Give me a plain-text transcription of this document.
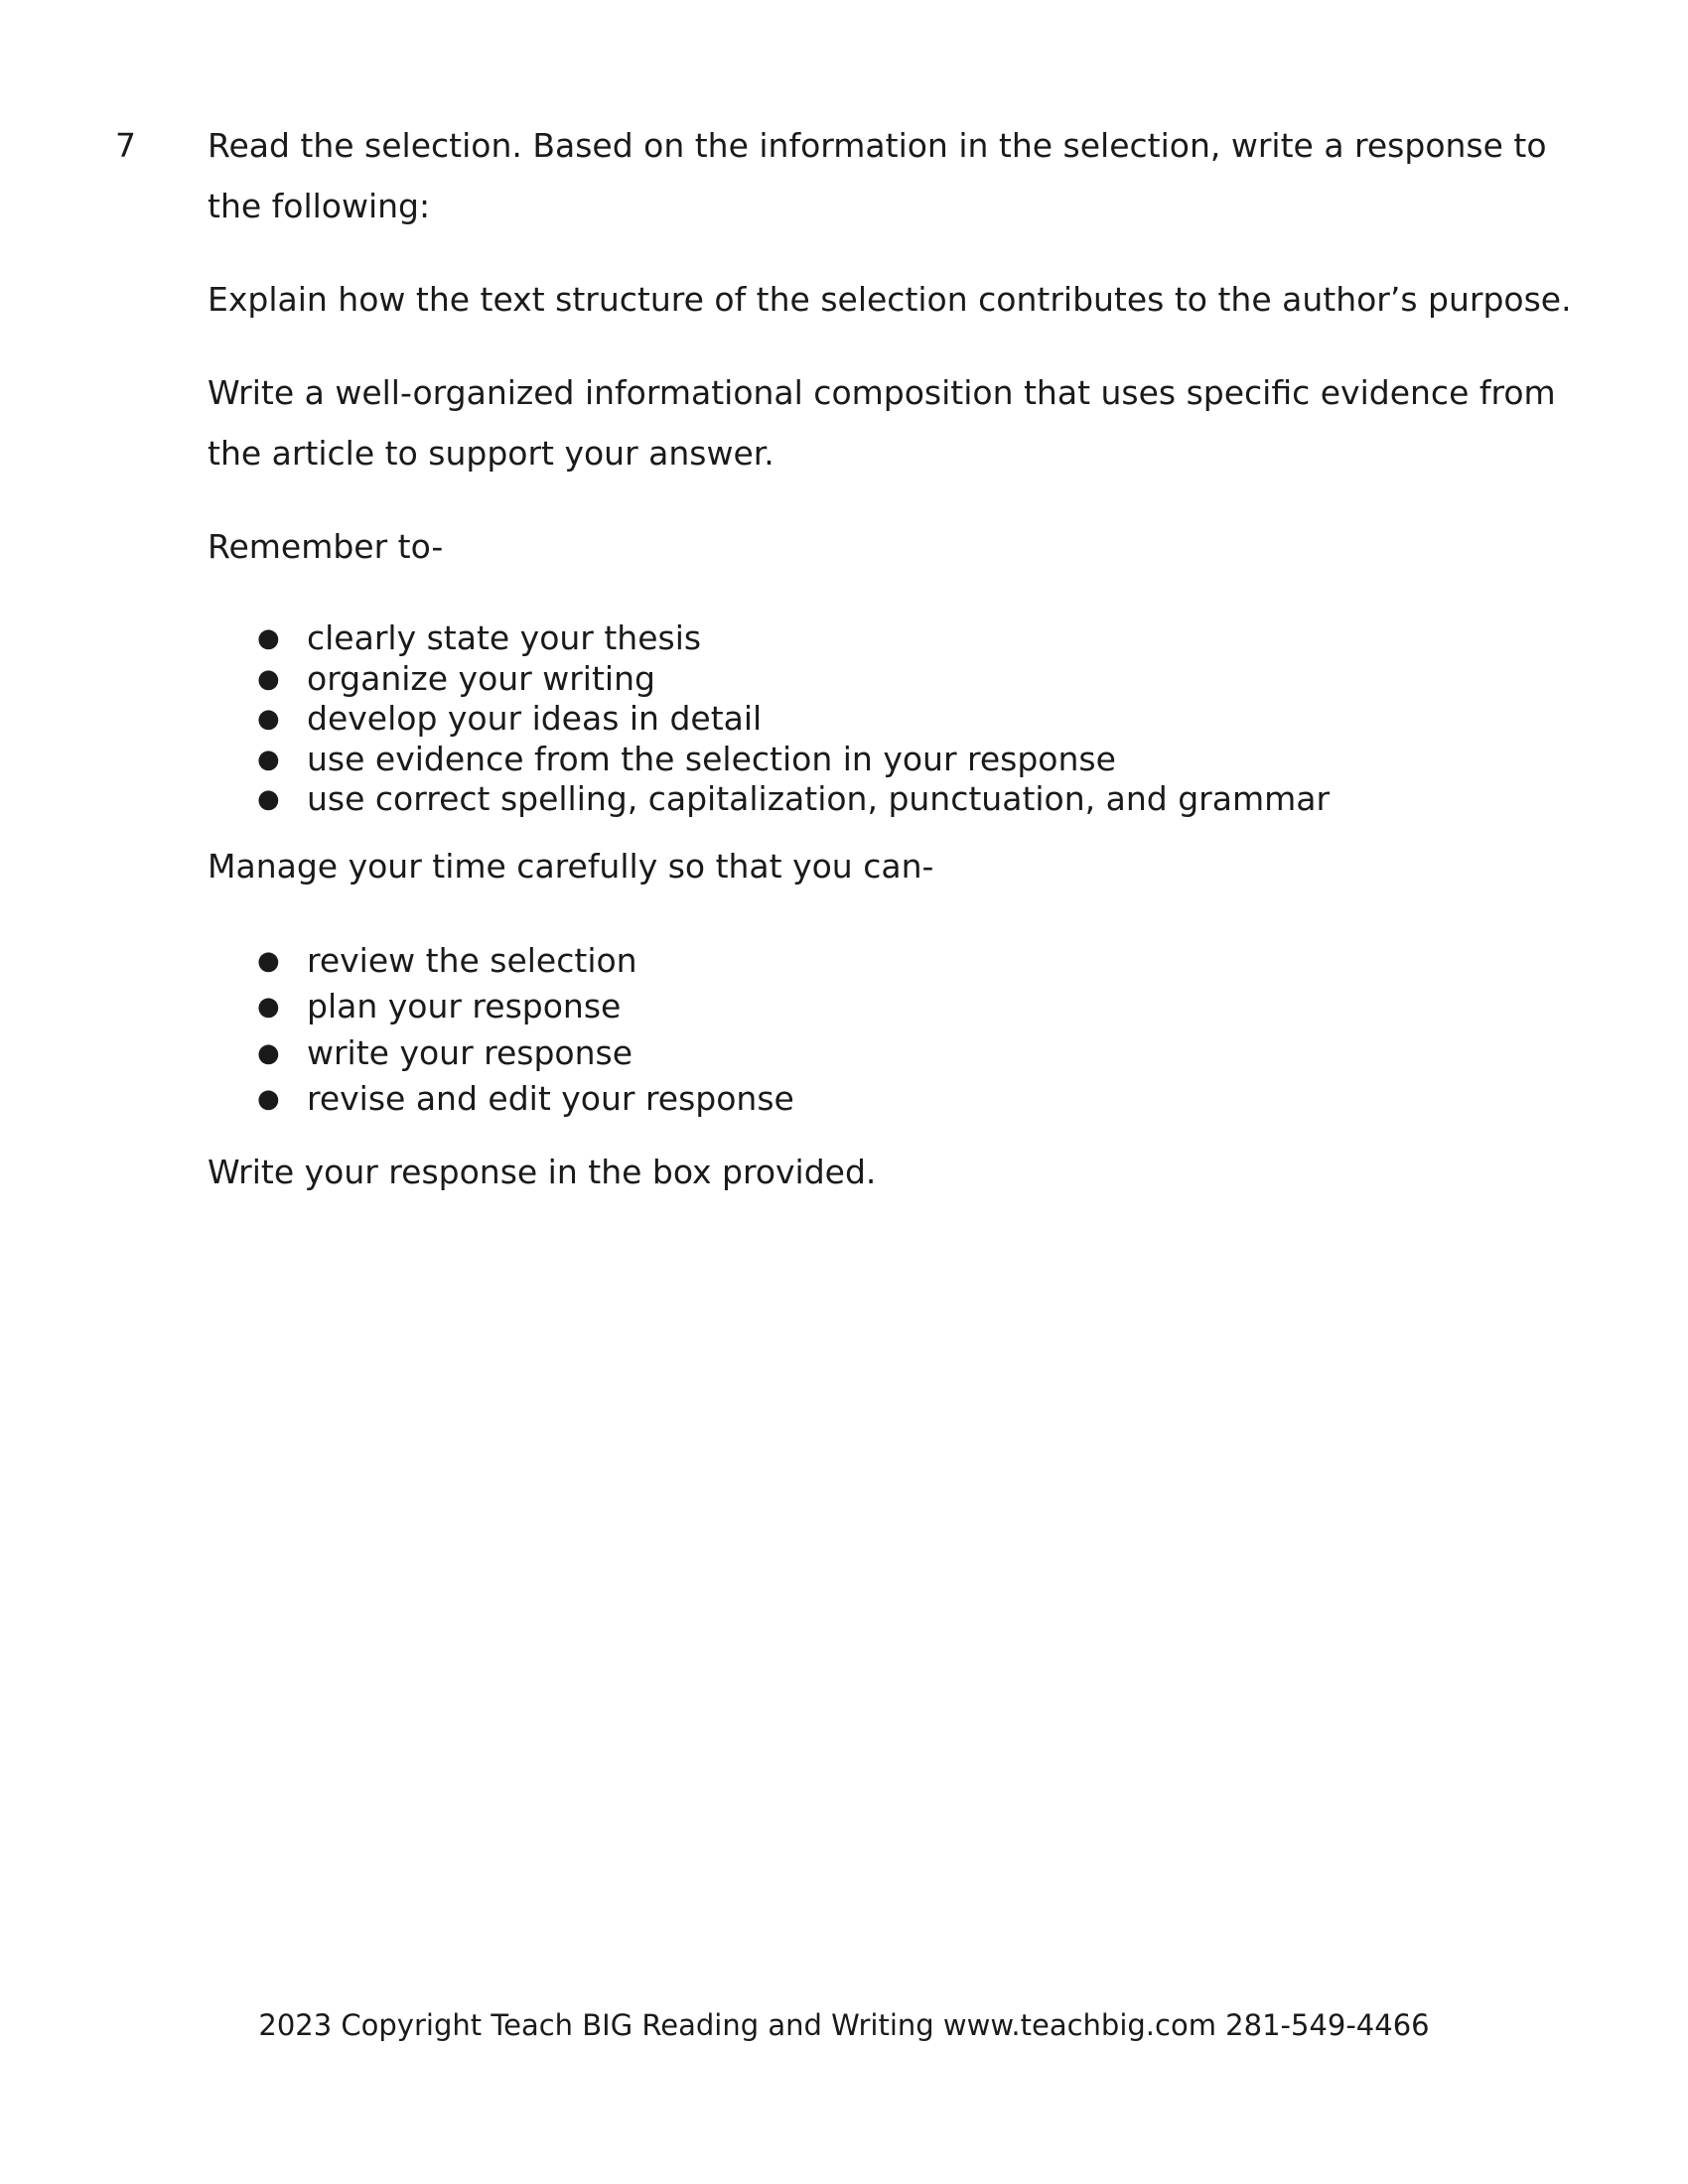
7 Read the selection. Based on the information in the selection, write a response to the following:

Explain how the text structure of the selection contributes to the author’s purpose.

Write a well-organized informational composition that uses specific evidence from the article to support your answer.

Remember to-

● clearly state your thesis
● organize your writing
● develop your ideas in detail
● use evidence from the selection in your response
● use correct spelling, capitalization, punctuation, and grammar

Manage your time carefully so that you can-

● review the selection
● plan your response
● write your response
● revise and edit your response

Write your response in the box provided.

2023 Copyright Teach BIG Reading and Writing www.teachbig.com 281-549-4466
